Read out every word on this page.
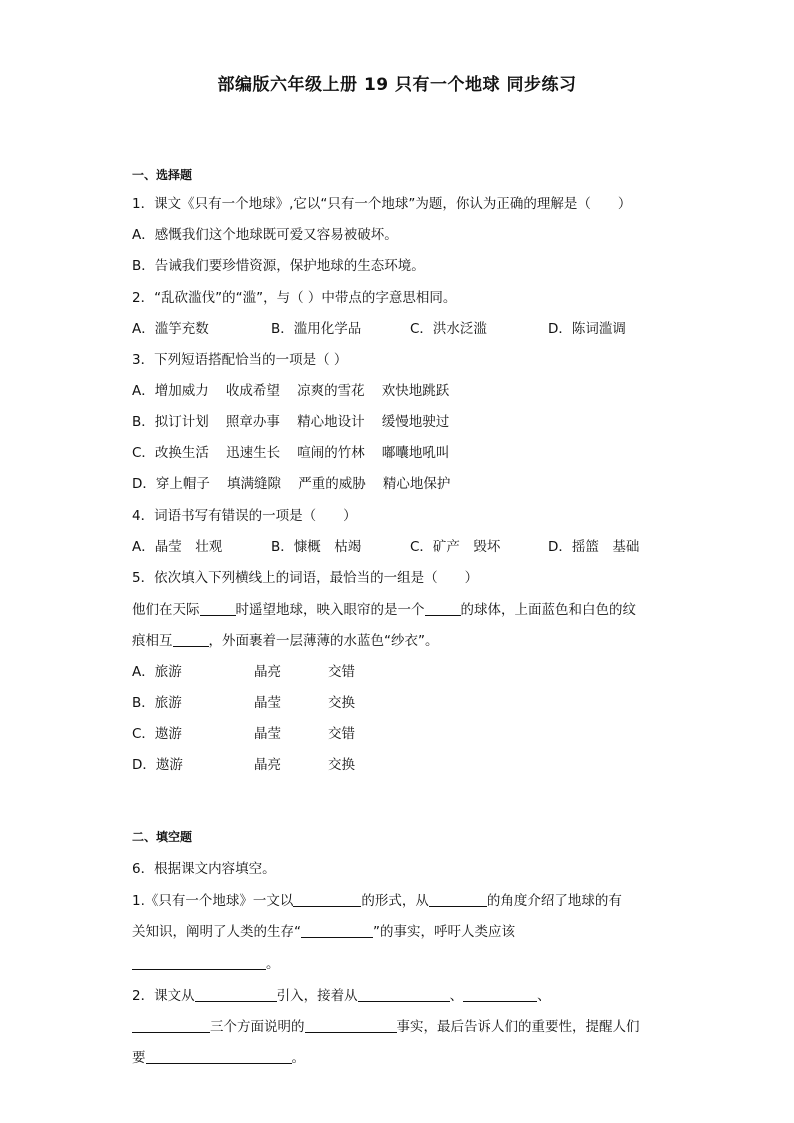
部编版六年级上册 19 只有一个地球 同步练习
一、选择题
1．课文《只有一个地球》,它以“只有一个地球”为题，你认为正确的理解是（　　）
A．感慨我们这个地球既可爱又容易被破坏。
B．告诫我们要珍惜资源，保护地球的生态环境。
2．“乱砍滥伐”的“滥”，与（ ）中带点的字意思相同。
A．滥竽充数	B．滥用化学品	C．洪水泛滥	D．陈词滥调
3．下列短语搭配恰当的一项是（ ）
A．增加威力    收成希望    凉爽的雪花    欢快地跳跃
B．拟订计划    照章办事    精心地设计    缓慢地驶过
C．改换生活    迅速生长    喧闹的竹林    嘟囔地吼叫
D．穿上帽子    填满缝隙    严重的威胁    精心地保护
4．词语书写有错误的一项是（　　）
A．晶莹　壮观	B．慷概　枯竭	C．矿产　毁坏	D．摇篮　基础
5．依次填入下列横线上的词语，最恰当的一组是（　　）
他们在天际	时遥望地球，映入眼帘的是一个	的球体，上面蓝色和白色的纹
痕相互	，外面裹着一层薄薄的水蓝色“纱衣”。
A．旅游	晶亮	交错
B．旅游	晶莹	交换
C．遨游	晶莹	交错
D．遨游	晶亮	交换
二、填空题
6．根据课文内容填空。
1.《只有一个地球》一文以	的形式，从	的角度介绍了地球的有
关知识，阐明了人类的生存“	”的事实，呼吁人类应该
。
2．课文从	引入，接着从	、	、
三个方面说明的	事实，最后告诉人们的重要性，提醒人们
要	。
